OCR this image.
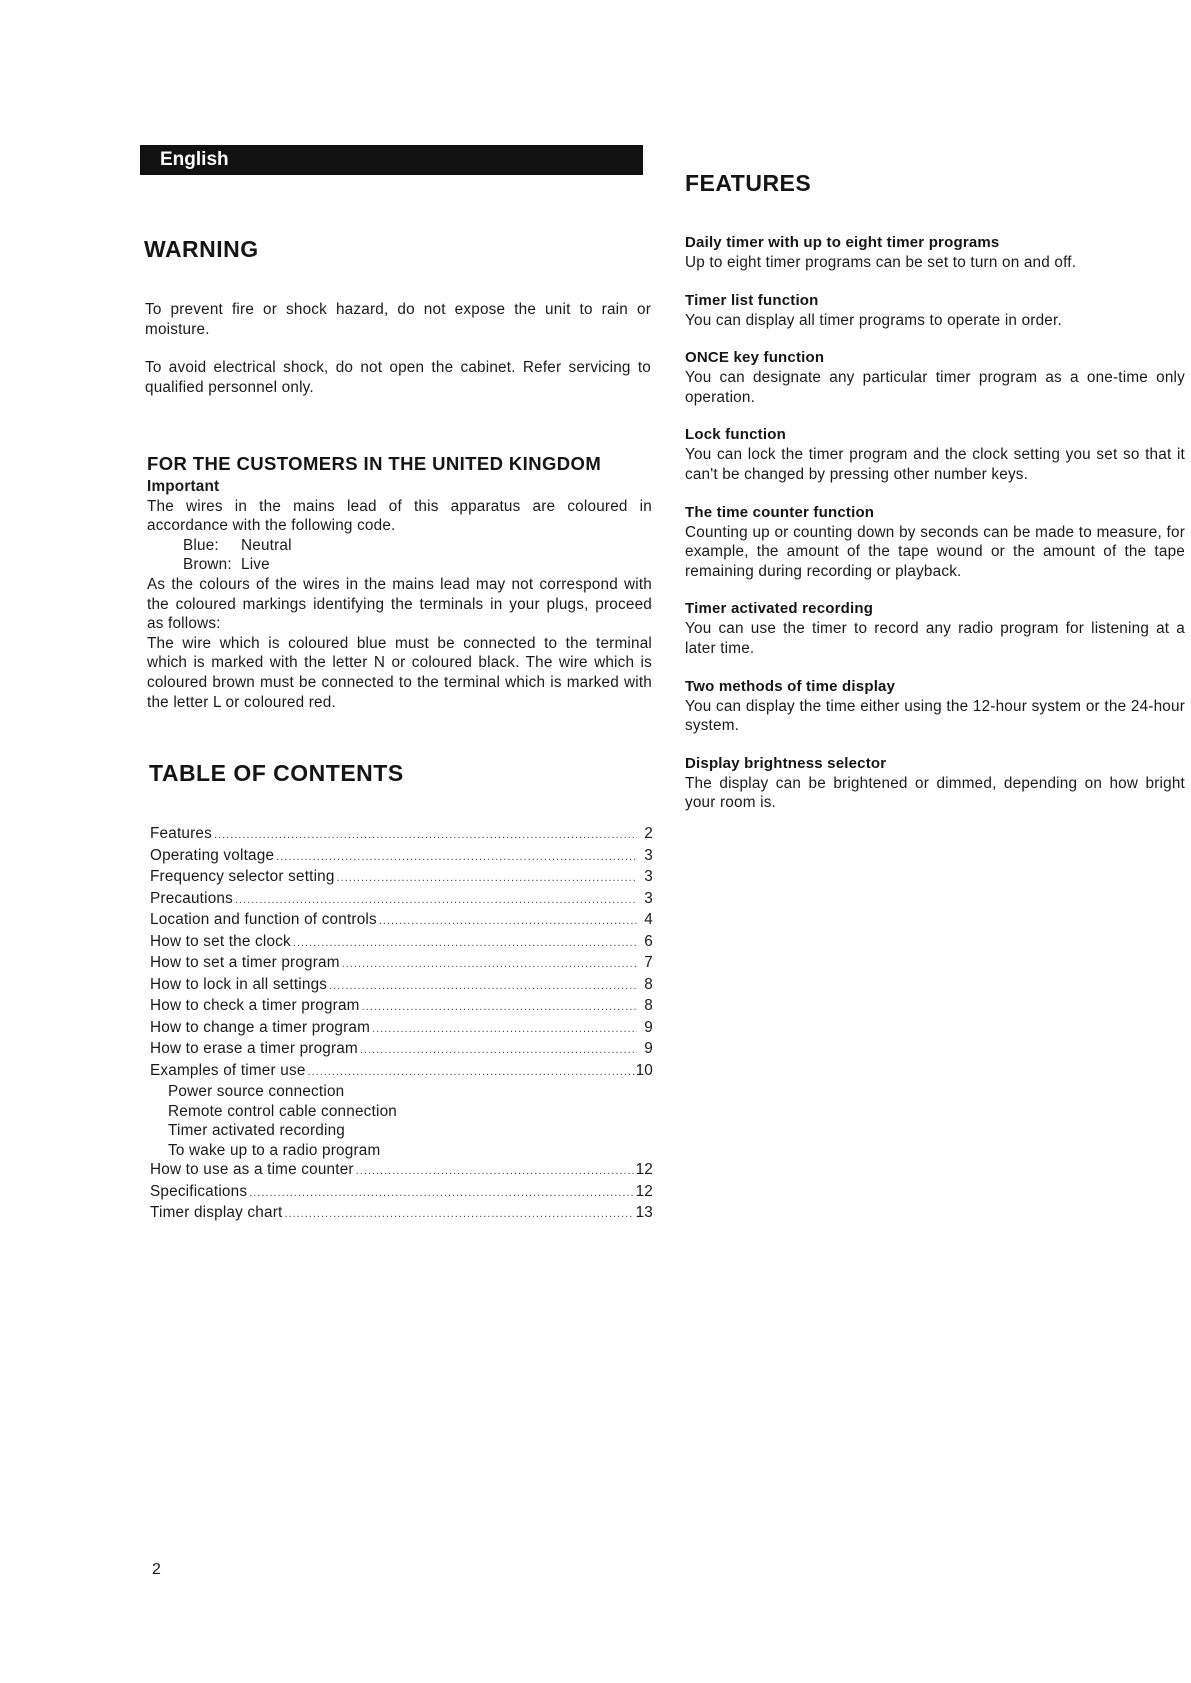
English
WARNING

To prevent fire or shock hazard, do not expose the unit to rain or moisture.

To avoid electrical shock, do not open the cabinet. Refer servicing to qualified personnel only.

FOR THE CUSTOMERS IN THE UNITED KINGDOM

Important

The wires in the mains lead of this apparatus are coloured in accordance with the following code.

Blue: Neutral

Brown: Live

As the colours of the wires in the mains lead may not correspond with the coloured markings identifying the terminals in your plugs, proceed as follows:

The wire which is coloured blue must be connected to the terminal which is marked with the letter N or coloured black. The wire which is coloured brown must be connected to the terminal which is marked with the letter L or coloured red.

TABLE OF CONTENTS
Features .....	2
Operating voltage .....	3
Frequency selector setting .....	3
Precautions .....	3
Location and function of controls .....	4
How to set the clock .....	6
How to set a timer program .....	7
How to lock in all settings .....	8
How to check a timer program .....	8
How to change a timer program .....	9
How to erase a timer program .....	9
Examples of timer use .....	10
Power source connection
Remote control cable connection
Timer activated recording
To wake up to a radio program
How to use as a time counter .....	12
Specifications .....	12
Timer display chart .....	13
FEATURES
Daily timer with up to eight timer programs

Up to eight timer programs can be set to turn on and off.

Timer list function

You can display all timer programs to operate in order.

ONCE key function

You can designate any particular timer program as a one-time only operation.

Lock function

You can lock the timer program and the clock setting you set so that it can't be changed by pressing other number keys.

The time counter function

Counting up or counting down by seconds can be made to measure, for example, the amount of the tape wound or the amount of the tape remaining during recording or playback.

Timer activated recording

You can use the timer to record any radio program for listening at a later time.

Two methods of time display

You can display the time either using the 12-hour system or the 24-hour system.

Display brightness selector

The display can be brightened or dimmed, depending on how bright your room is.

2
